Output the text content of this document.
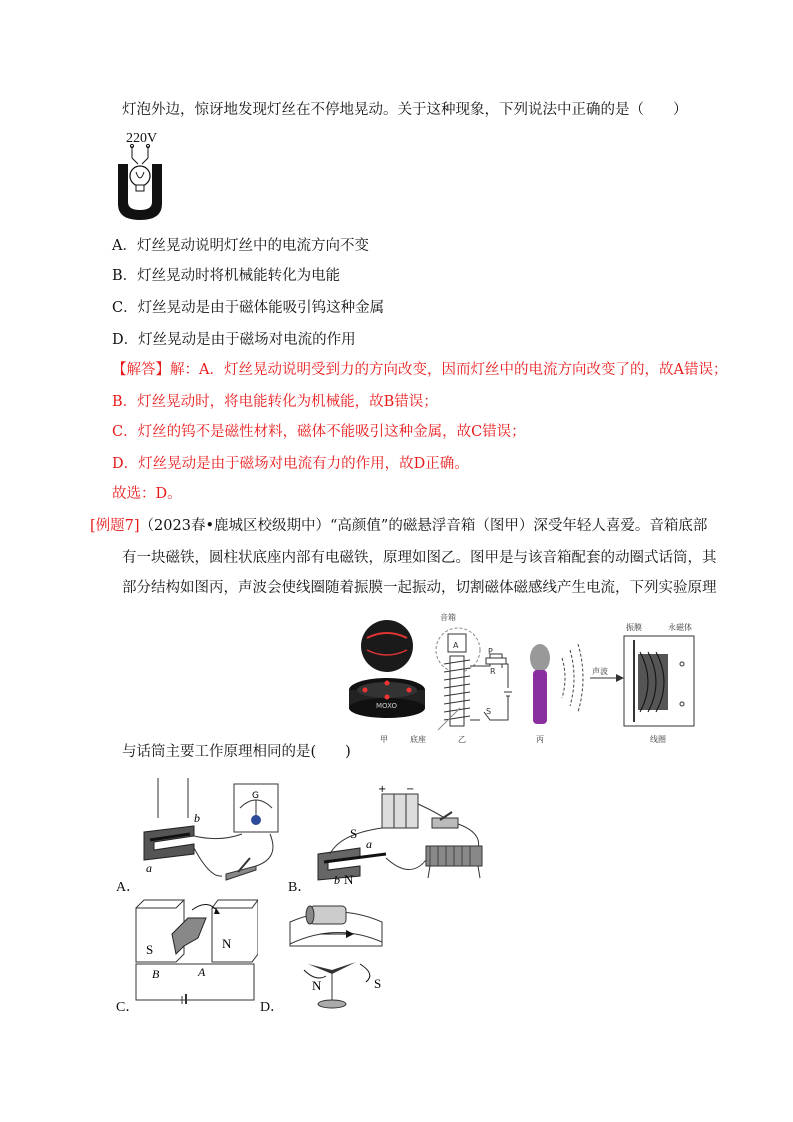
灯泡外边，惊讶地发现灯丝在不停地晃动。关于这种现象，下列说法中正确的是（　　）
220V
A．灯丝晃动说明灯丝中的电流方向不变
B．灯丝晃动时将机械能转化为电能
C．灯丝晃动是由于磁体能吸引钨这种金属
D．灯丝晃动是由于磁场对电流的作用
【解答】解：A．灯丝晃动说明受到力的方向改变，因而灯丝中的电流方向改变了的，故A错误；
B．灯丝晃动时，将电能转化为机械能，故B错误；
C．灯丝的钨不是磁性材料，磁体不能吸引这种金属，故C错误；
D．灯丝晃动是由于磁场对电流有力的作用，故D正确。
故选：D。
[例题7]（2023春•鹿城区校级期中）“高颜值”的磁悬浮音箱（图甲）深受年轻人喜爱。音箱底部
有一块磁铁，圆柱状底座内部有电磁铁，原理如图乙。图甲是与该音箱配套的动圈式话筒，其
部分结构如图丙，声波会使线圈随着振膜一起振动，切割磁体磁感线产生电流，下列实验原理
MOXO
甲
音箱
A
P
R
S
底座	乙	丙
声波
振膜	永磁体
线圈
与话筒主要工作原理相同的是(　　)
b
a
G
A．
+ −
S
a
b N
B．
S	N
B	A
C．
N	S
D．
